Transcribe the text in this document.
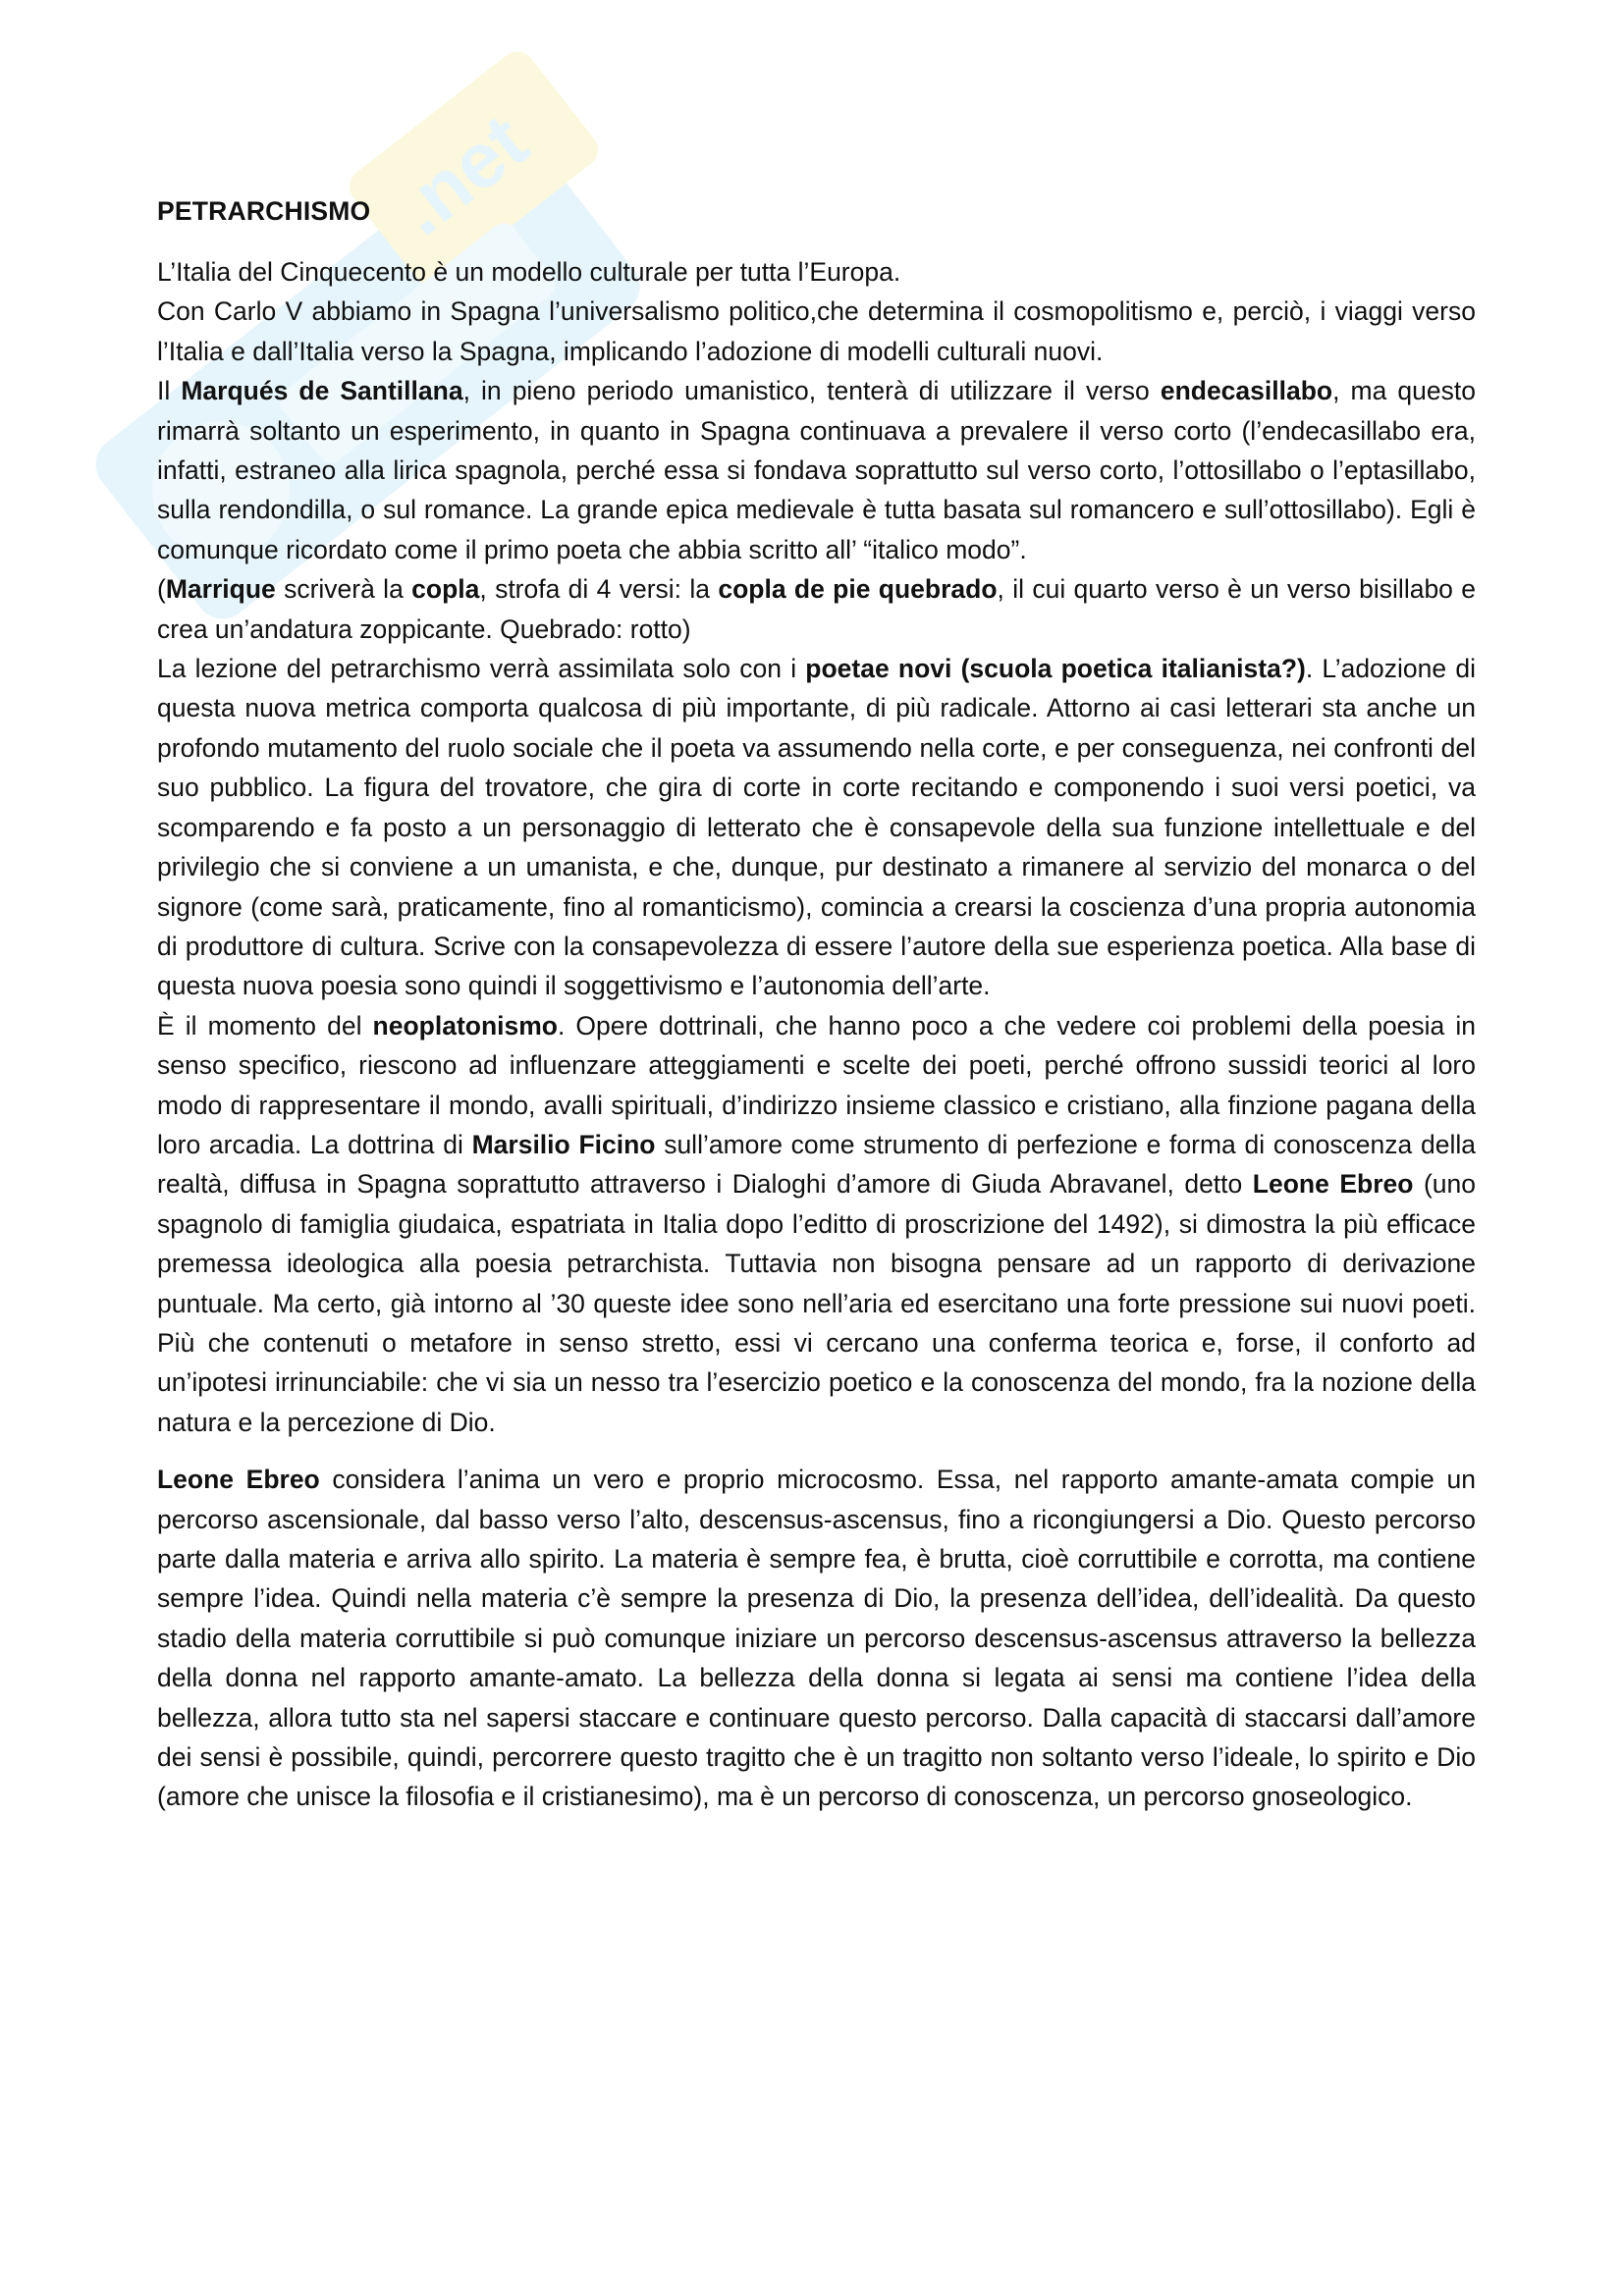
.net
PETRARCHISMO

L’Italia del Cinquecento è un modello culturale per tutta l’Europa.

Con Carlo V abbiamo in Spagna l’universalismo politico,che determina il cosmopolitismo e, perciò, i viaggi verso l’Italia e dall’Italia verso la Spagna, implicando l’adozione di modelli culturali nuovi.

Il Marqués de Santillana, in pieno periodo umanistico, tenterà di utilizzare il verso endecasillabo, ma questo rimarrà soltanto un esperimento, in quanto in Spagna continuava a prevalere il verso corto (l’endecasillabo era, infatti, estraneo alla lirica spagnola, perché essa si fondava soprattutto sul verso corto, l’ottosillabo o l’eptasillabo, sulla rendondilla, o sul romance. La grande epica medievale è tutta basata sul romancero e sull’ottosillabo). Egli è comunque ricordato come il primo poeta che abbia scritto all’ “italico modo”.

(Marrique scriverà la copla, strofa di 4 versi: la copla de pie quebrado, il cui quarto verso è un verso bisillabo e crea un’andatura zoppicante. Quebrado: rotto)

La lezione del petrarchismo verrà assimilata solo con i poetae novi (scuola poetica italianista?). L’adozione di questa nuova metrica comporta qualcosa di più importante, di più radicale. Attorno ai casi letterari sta anche un profondo mutamento del ruolo sociale che il poeta va assumendo nella corte, e per conseguenza, nei confronti del suo pubblico. La figura del trovatore, che gira di corte in corte recitando e componendo i suoi versi poetici, va scomparendo e fa posto a un personaggio di letterato che è consapevole della sua funzione intellettuale e del privilegio che si conviene a un umanista, e che, dunque, pur destinato a rimanere al servizio del monarca o del signore (come sarà, praticamente, fino al romanticismo), comincia a crearsi la coscienza d’una propria autonomia di produttore di cultura. Scrive con la consapevolezza di essere l’autore della sue esperienza poetica. Alla base di questa nuova poesia sono quindi il soggettivismo e l’autonomia dell’arte.

È il momento del neoplatonismo. Opere dottrinali, che hanno poco a che vedere coi problemi della poesia in senso specifico, riescono ad influenzare atteggiamenti e scelte dei poeti, perché offrono sussidi teorici al loro modo di rappresentare il mondo, avalli spirituali, d’indirizzo insieme classico e cristiano, alla finzione pagana della loro arcadia. La dottrina di Marsilio Ficino sull’amore come strumento di perfezione e forma di conoscenza della realtà, diffusa in Spagna soprattutto attraverso i Dialoghi d’amore di Giuda Abravanel, detto Leone Ebreo (uno spagnolo di famiglia giudaica, espatriata in Italia dopo l’editto di proscrizione del 1492), si dimostra la più efficace premessa ideologica alla poesia petrarchista. Tuttavia non bisogna pensare ad un rapporto di derivazione puntuale. Ma certo, già intorno al ’30 queste idee sono nell’aria ed esercitano una forte pressione sui nuovi poeti. Più che contenuti o metafore in senso stretto, essi vi cercano una conferma teorica e, forse, il conforto ad un’ipotesi irrinunciabile: che vi sia un nesso tra l’esercizio poetico e la conoscenza del mondo, fra la nozione della natura e la percezione di Dio.

Leone Ebreo considera l’anima un vero e proprio microcosmo. Essa, nel rapporto amante-amata compie un percorso ascensionale, dal basso verso l’alto, descensus-ascensus, fino a ricongiungersi a Dio. Questo percorso parte dalla materia e arriva allo spirito. La materia è sempre fea, è brutta, cioè corruttibile e corrotta, ma contiene sempre l’idea. Quindi nella materia c’è sempre la presenza di Dio, la presenza dell’idea, dell’idealità. Da questo stadio della materia corruttibile si può comunque iniziare un percorso descensus-ascensus attraverso la bellezza della donna nel rapporto amante-amato. La bellezza della donna si legata ai sensi ma contiene l’idea della bellezza, allora tutto sta nel sapersi staccare e continuare questo percorso. Dalla capacità di staccarsi dall’amore dei sensi è possibile, quindi, percorrere questo tragitto che è un tragitto non soltanto verso l’ideale, lo spirito e Dio (amore che unisce la filosofia e il cristianesimo), ma è un percorso di conoscenza, un percorso gnoseologico.
